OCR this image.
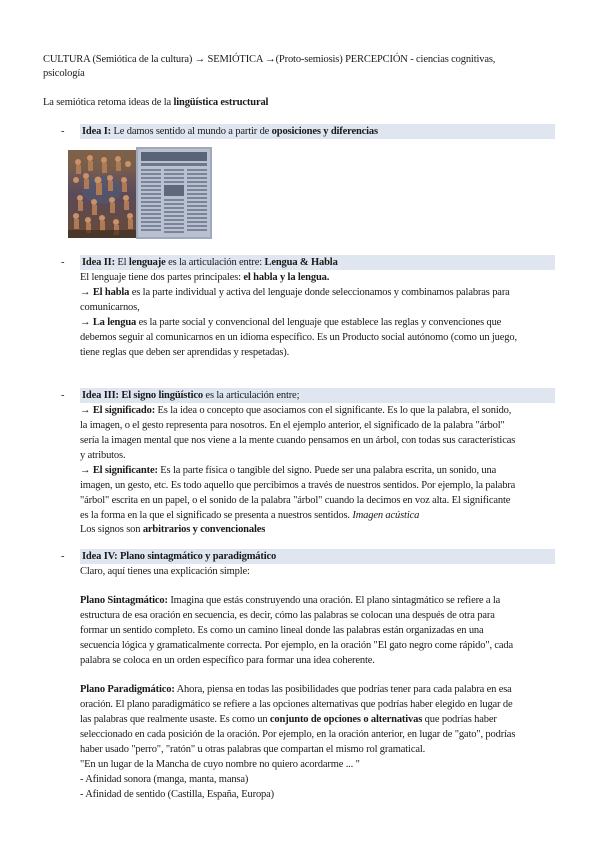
CULTURA (Semiótica de la cultura) → SEMIÓTICA →(Proto-semiosis) PERCEPCIÓN - ciencias cognitivas,
psicología
La semiótica retoma ideas de la lingüística estructural
- Idea I: Le damos sentido al mundo a partir de oposiciones y diferencias
- Idea II: El lenguaje es la articulación entre: Lengua & Habla
El lenguaje tiene dos partes principales: el habla y la lengua.
→ El habla es la parte individual y activa del lenguaje donde seleccionamos y combinamos palabras para
comunicarnos,
→ La lengua es la parte social y convencional del lenguaje que establece las reglas y convenciones que
debemos seguir al comunicarnos en un idioma específico. Es un Producto social autónomo (como un juego,
tiene reglas que deben ser aprendidas y respetadas).
- Idea III: El signo lingüístico es la articulación entre;
→ El significado: Es la idea o concepto que asociamos con el significante. Es lo que la palabra, el sonido,
la imagen, o el gesto representa para nosotros. En el ejemplo anterior, el significado de la palabra "árbol"
sería la imagen mental que nos viene a la mente cuando pensamos en un árbol, con todas sus características
y atributos.
→ El significante: Es la parte física o tangible del signo. Puede ser una palabra escrita, un sonido, una
imagen, un gesto, etc. Es todo aquello que percibimos a través de nuestros sentidos. Por ejemplo, la palabra
"árbol" escrita en un papel, o el sonido de la palabra "árbol" cuando la decimos en voz alta. El significante
es la forma en la que el significado se presenta a nuestros sentidos. Imagen acústica
Los signos son arbitrarios y convencionales
- Idea IV: Plano sintagmático y paradigmático
Claro, aquí tienes una explicación simple:
Plano Sintagmático: Imagina que estás construyendo una oración. El plano sintagmático se refiere a la
estructura de esa oración en secuencia, es decir, cómo las palabras se colocan una después de otra para
formar un sentido completo. Es como un camino lineal donde las palabras están organizadas en una
secuencia lógica y gramaticalmente correcta. Por ejemplo, en la oración "El gato negro come rápido", cada
palabra se coloca en un orden específico para formar una idea coherente.
Plano Paradigmático: Ahora, piensa en todas las posibilidades que podrías tener para cada palabra en esa
oración. El plano paradigmático se refiere a las opciones alternativas que podrías haber elegido en lugar de
las palabras que realmente usaste. Es como un conjunto de opciones o alternativas que podrías haber
seleccionado en cada posición de la oración. Por ejemplo, en la oración anterior, en lugar de "gato", podrías
haber usado "perro", "ratón" u otras palabras que compartan el mismo rol gramatical.
"En un lugar de la Mancha de cuyo nombre no quiero acordarme ... "
- Afinidad sonora (manga, manta, mansa)
- Afinidad de sentido (Castilla, España, Europa)
